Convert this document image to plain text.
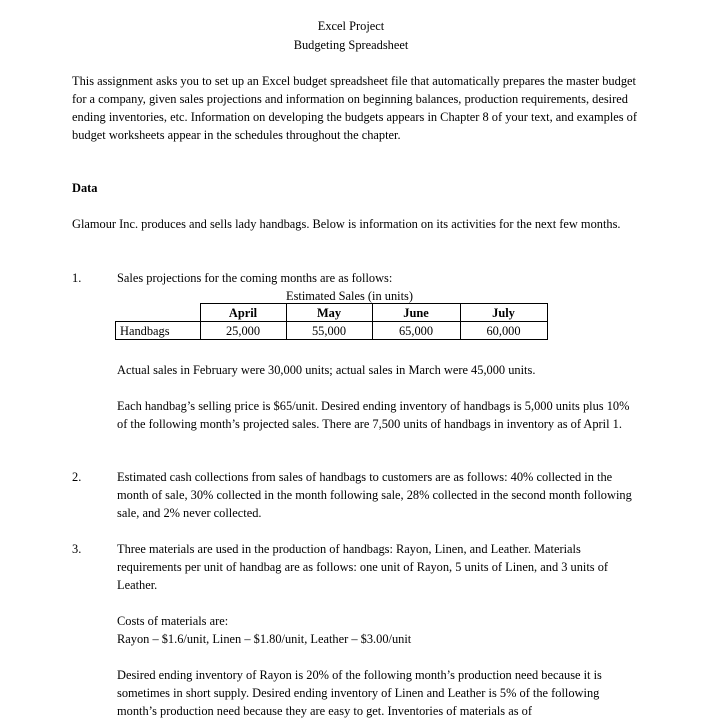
Excel Project
Budgeting Spreadsheet
This assignment asks you to set up an Excel budget spreadsheet file that automatically prepares the master budget for a company, given sales projections and information on beginning balances, production requirements, desired ending inventories, etc. Information on developing the budgets appears in Chapter 8 of your text, and examples of budget worksheets appear in the schedules throughout the chapter.
Data
Glamour Inc. produces and sells lady handbags. Below is information on its activities for the next few months.
1.	Sales projections for the coming months are as follows:
Estimated Sales (in units)
	April	May	June	July
Handbags	25,000	55,000	65,000	60,000
Actual sales in February were 30,000 units; actual sales in March were 45,000 units.
Each handbag’s selling price is $65/unit. Desired ending inventory of handbags is 5,000 units plus 10% of the following month’s projected sales. There are 7,500 units of handbags in inventory as of April 1.
2.	Estimated cash collections from sales of handbags to customers are as follows: 40% collected in the month of sale, 30% collected in the month following sale, 28% collected in the second month following sale, and 2% never collected.
3.	Three materials are used in the production of handbags: Rayon, Linen, and Leather. Materials requirements per unit of handbag are as follows: one unit of Rayon, 5 units of Linen, and 3 units of Leather.
Costs of materials are:
Rayon – $1.6/unit, Linen – $1.80/unit, Leather – $3.00/unit
Desired ending inventory of Rayon is 20% of the following month’s production need because it is sometimes in short supply. Desired ending inventory of Linen and Leather is 5% of the following month’s production need because they are easy to get. Inventories of materials as of
